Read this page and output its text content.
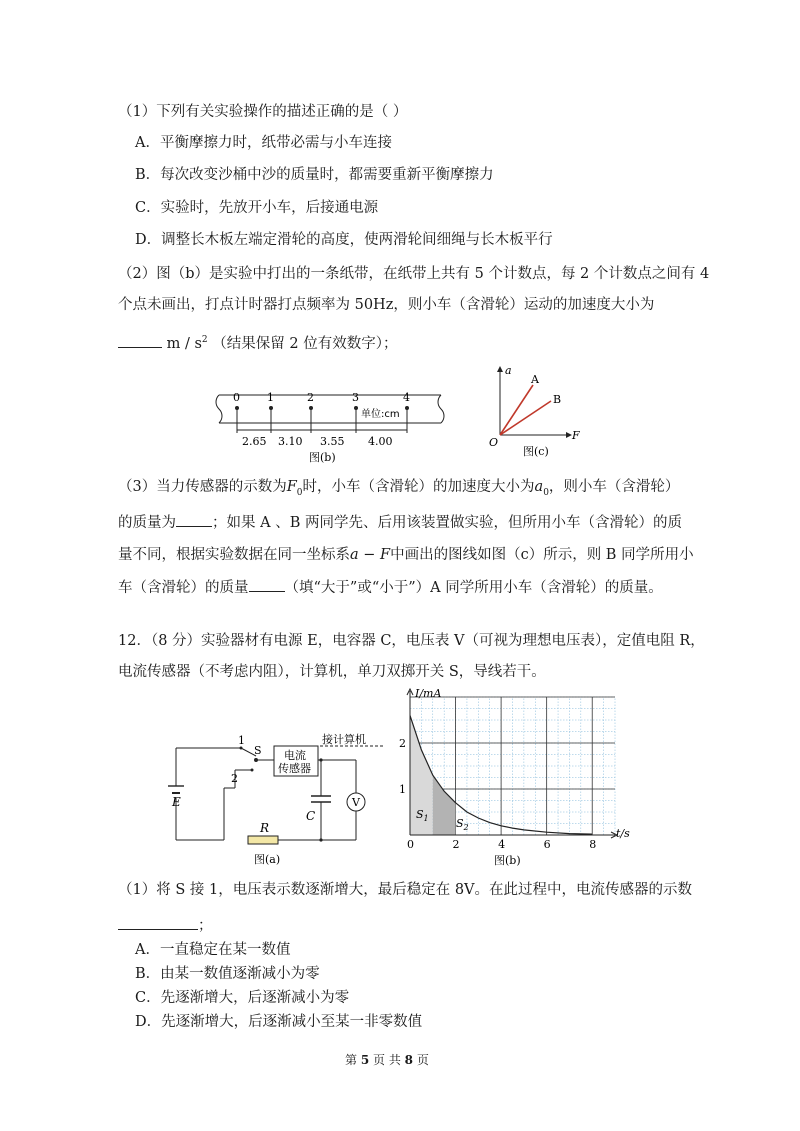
（1）下列有关实验操作的描述正确的是（ ）
A．平衡摩擦力时，纸带必需与小车连接
B．每次改变沙桶中沙的质量时，都需要重新平衡摩擦力
C．实验时，先放开小车，后接通电源
D．调整长木板左端定滑轮的高度，使两滑轮间细绳与长木板平行
（2）图（b）是实验中打出的一条纸带，在纸带上共有 5 个计数点，每 2 个计数点之间有 4
个点未画出，打点计时器打点频率为 50Hz，则小车（含滑轮）运动的加速度大小为
m / $s^2$ （结果保留 2 位有效数字）；
0 1	2	3	4
单位:cm
2.65 3.10 3.55 4.00
图(b)
a
F
O
A
B
图(c)
（3）当力传感器的示数为$F_0$时，小车（含滑轮）的加速度大小为$a_0$，则小车（含滑轮）
的质量为 ；如果 A 、B 两同学先、后用该装置做实验，但所用小车（含滑轮）的质
量不同，根据实验数据在同一坐标系a − F中画出的图线如图（c）所示，则 B 同学所用小
车（含滑轮）的质量 （填“大于”或“小于”）A 同学所用小车（含滑轮）的质量。
12．（8 分）实验器材有电源 E，电容器 C，电压表 V（可视为理想电压表），定值电阻 R，
电流传感器（不考虑内阻），计算机，单刀双掷开关 S，导线若干。
1
2
S 电流
传感器
接计算机
E
C
R
V
图(a)
0	2	4	6	8
1
2
I/mA
t/s
$S_1$ $S_2$
图(b)
（1）将 S 接 1，电压表示数逐渐增大，最后稳定在 8V。在此过程中，电流传感器的示数
；
A．一直稳定在某一数值
B．由某一数值逐渐减小为零
C．先逐渐增大，后逐渐减小为零
D．先逐渐增大，后逐渐减小至某一非零数值
第 5 页 共 8 页
